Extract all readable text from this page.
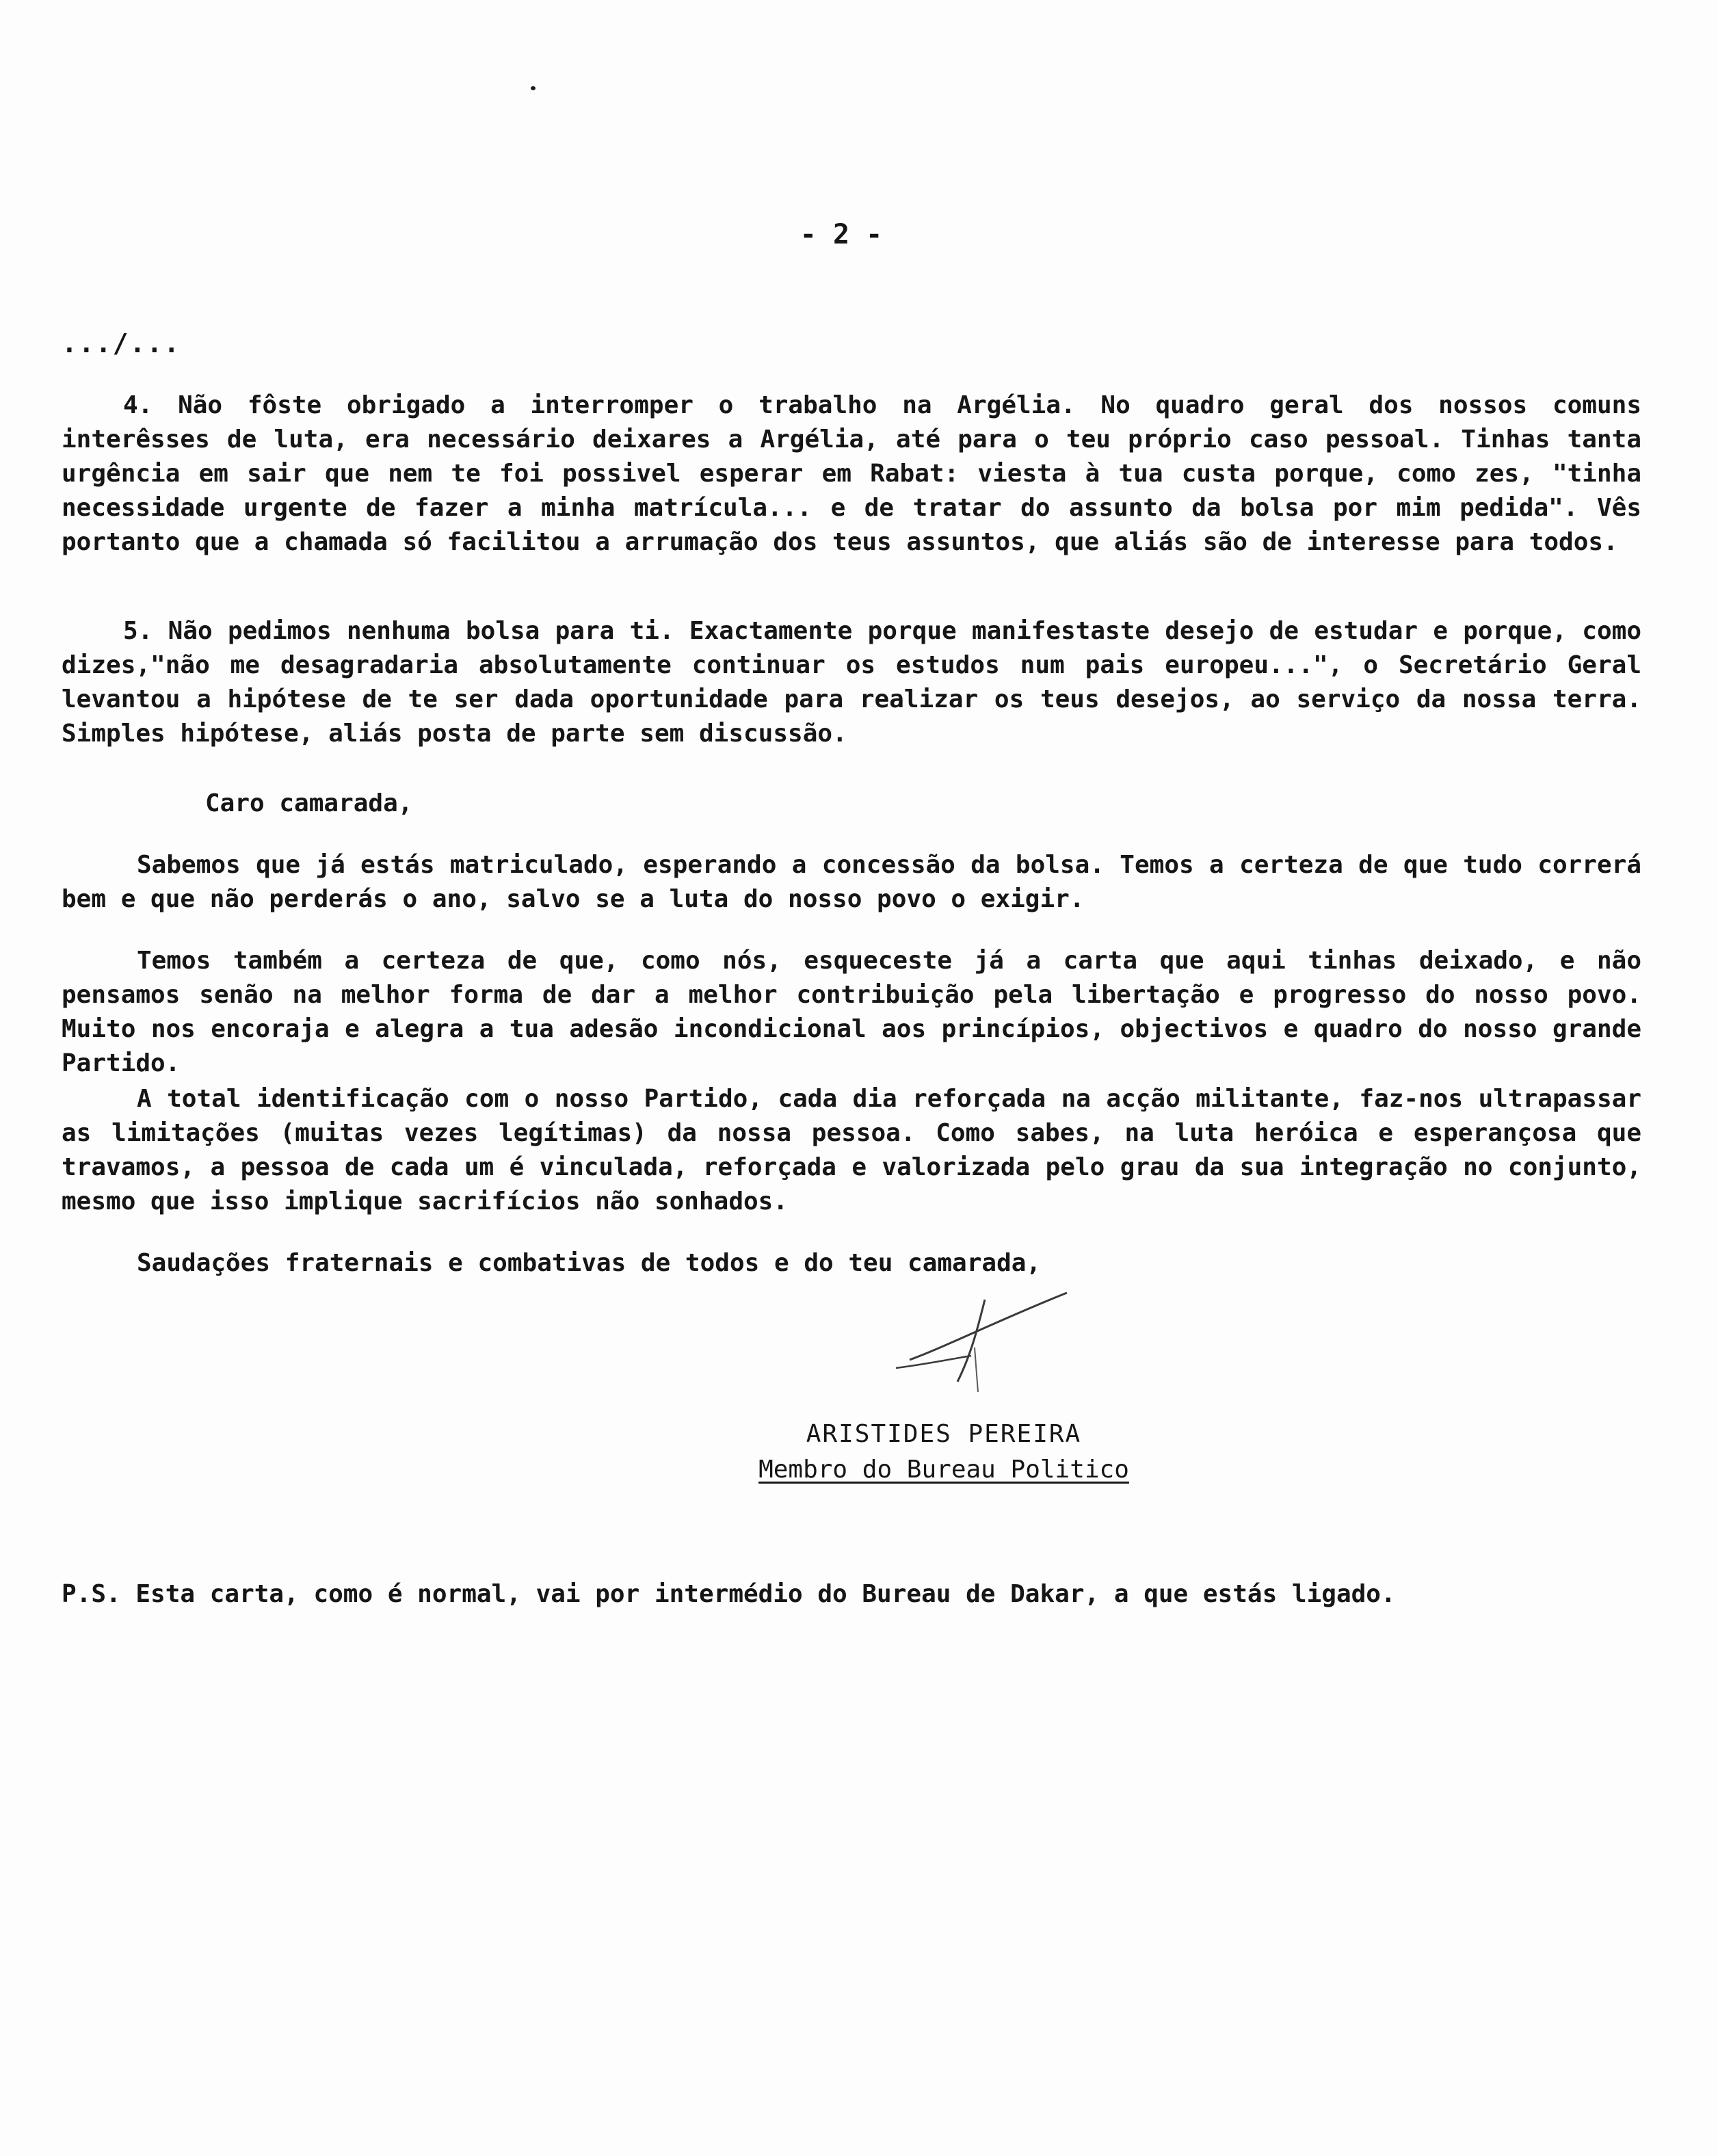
- 2 -
.../...

4. Não fôste obrigado a interromper o trabalho na Argélia. No quadro geral dos nossos comuns interêsses de luta, era necessário deixares a Argélia, até para o teu próprio caso pessoal. Tinhas tanta urgência em sair que nem te foi possivel esperar em Rabat: viesta à tua custa porque, como zes, "tinha necessidade urgente de fazer a minha matrícula... e de tratar do assunto da bolsa por mim pedida". Vês portanto que a chamada só facilitou a arrumação dos teus assuntos, que aliás são de interesse para todos.

5. Não pedimos nenhuma bolsa para ti. Exactamente porque manifestaste desejo de estudar e porque, como dizes,"não me desagradaria absolutamente continuar os estudos num pais europeu...", o Secretário Geral levantou a hipótese de te ser dada oportunidade para realizar os teus desejos, ao serviço da nossa terra. Simples hipótese, aliás posta de parte sem discussão.

Caro camarada,

Sabemos que já estás matriculado, esperando a concessão da bolsa. Temos a certeza de que tudo correrá bem e que não perderás o ano, salvo se a luta do nosso povo o exigir.

Temos também a certeza de que, como nós, esqueceste já a carta que aqui tinhas deixado, e não pensamos senão na melhor forma de dar a melhor contribuição pela libertação e progresso do nosso povo. Muito nos encoraja e alegra a tua adesão incondicional aos princípios, objectivos e quadro do nosso grande Partido.

A total identificação com o nosso Partido, cada dia reforçada na acção militante, faz-nos ultrapassar as limitações (muitas vezes legítimas) da nossa pessoa. Como sabes, na luta heróica e esperançosa que travamos, a pessoa de cada um é vinculada, reforçada e valorizada pelo grau da sua integração no conjunto, mesmo que isso implique sacrifícios não sonhados.

Saudações fraternais e combativas de todos e do teu camarada,

ARISTIDES PEREIRA
Membro do Bureau Politico

P.S. Esta carta, como é normal, vai por intermédio do Bureau de Dakar, a que estás ligado.
